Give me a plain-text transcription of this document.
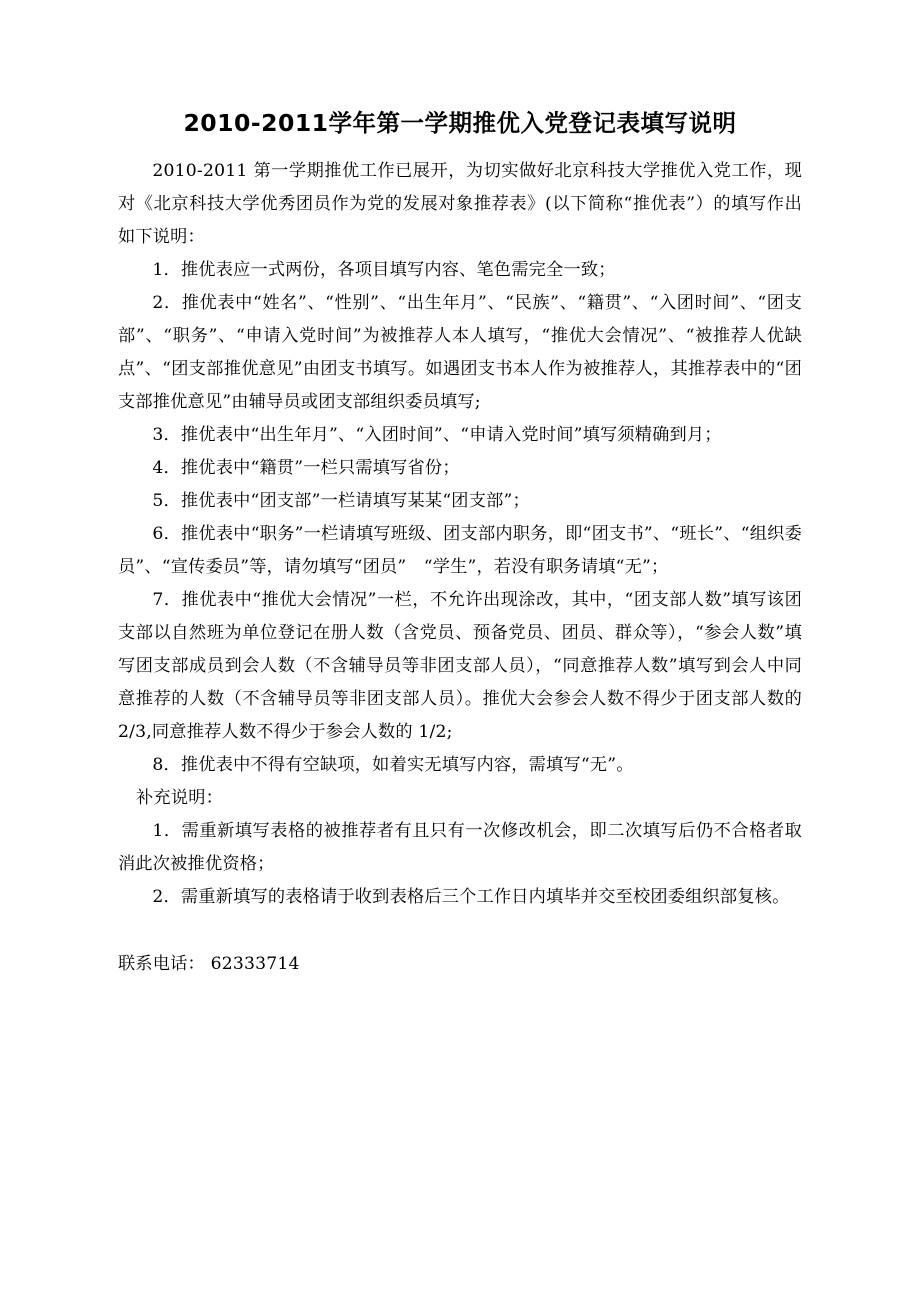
2010-2011学年第一学期推优入党登记表填写说明

2010-2011 第一学期推优工作已展开，为切实做好北京科技大学推优入党工作，现对《北京科技大学优秀团员作为党的发展对象推荐表》(以下简称“推优表”）的填写作出如下说明：

1．推优表应一式两份，各项目填写内容、笔色需完全一致；

2．推优表中“姓名”、“性别”、“出生年月”、“民族”、“籍贯”、“入团时间”、“团支部”、“职务”、“申请入党时间”为被推荐人本人填写，“推优大会情况”、“被推荐人优缺点”、“团支部推优意见”由团支书填写。如遇团支书本人作为被推荐人，其推荐表中的“团支部推优意见”由辅导员或团支部组织委员填写;

3．推优表中“出生年月”、“入团时间”、“申请入党时间”填写须精确到月；

4．推优表中“籍贯”一栏只需填写省份；

5．推优表中“团支部”一栏请填写某某“团支部”；

6．推优表中“职务”一栏请填写班级、团支部内职务，即“团支书”、“班长”、“组织委员”、“宣传委员”等，请勿填写“团员”　“学生”，若没有职务请填“无”；

7．推优表中“推优大会情况”一栏，不允许出现涂改，其中，“团支部人数”填写该团支部以自然班为单位登记在册人数（含党员、预备党员、团员、群众等），“参会人数”填写团支部成员到会人数（不含辅导员等非团支部人员），“同意推荐人数”填写到会人中同意推荐的人数（不含辅导员等非团支部人员）。推优大会参会人数不得少于团支部人数的 2/3,同意推荐人数不得少于参会人数的 1/2;

8．推优表中不得有空缺项，如着实无填写内容，需填写“无”。

补充说明：

1．需重新填写表格的被推荐者有且只有一次修改机会，即二次填写后仍不合格者取消此次被推优资格；

2．需重新填写的表格请于收到表格后三个工作日内填毕并交至校团委组织部复核。

联系电话： 62333714
